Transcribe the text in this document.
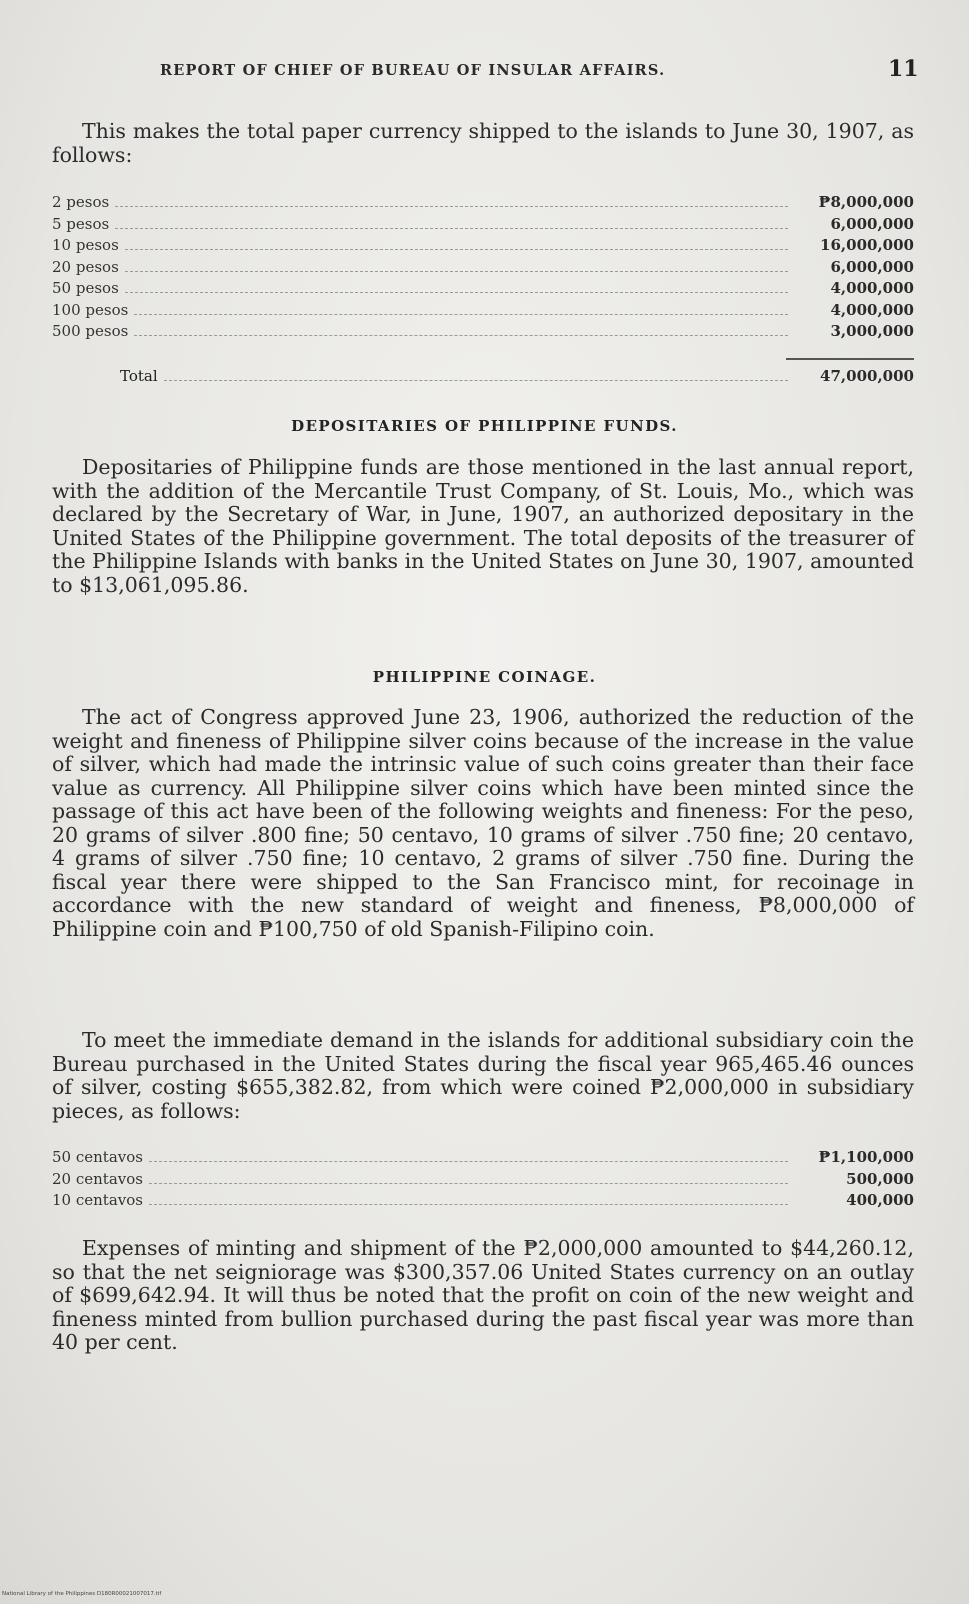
REPORT OF CHIEF OF BUREAU OF INSULAR AFFAIRS.	11
This makes the total paper currency shipped to the islands to June 30, 1907, as follows:
2 pesos	₱8,000,000
5 pesos	6,000,000
10 pesos	16,000,000
20 pesos	6,000,000
50 pesos	4,000,000
100 pesos	4,000,000
500 pesos	3,000,000
Total	47,000,000
DEPOSITARIES OF PHILIPPINE FUNDS.
Depositaries of Philippine funds are those mentioned in the last annual report, with the addition of the Mercantile Trust Company, of St. Louis, Mo., which was declared by the Secretary of War, in June, 1907, an authorized depositary in the United States of the Philippine government. The total deposits of the treasurer of the Philippine Islands with banks in the United States on June 30, 1907, amounted to $13,061,095.86.
PHILIPPINE COINAGE.
The act of Congress approved June 23, 1906, authorized the reduction of the weight and fineness of Philippine silver coins because of the increase in the value of silver, which had made the intrinsic value of such coins greater than their face value as currency. All Philippine silver coins which have been minted since the passage of this act have been of the following weights and fineness: For the peso, 20 grams of silver .800 fine; 50 centavo, 10 grams of silver .750 fine; 20 centavo, 4 grams of silver .750 fine; 10 centavo, 2 grams of silver .750 fine. During the fiscal year there were shipped to the San Francisco mint, for recoinage in accordance with the new standard of weight and fineness, ₱8,000,000 of Philippine coin and ₱100,750 of old Spanish-Filipino coin.
To meet the immediate demand in the islands for additional subsidiary coin the Bureau purchased in the United States during the fiscal year 965,465.46 ounces of silver, costing $655,382.82, from which were coined ₱2,000,000 in subsidiary pieces, as follows:
50 centavos	₱1,100,000
20 centavos	500,000
10 centavos	400,000
Expenses of minting and shipment of the ₱2,000,000 amounted to $44,260.12, so that the net seigniorage was $300,357.06 United States currency on an outlay of $699,642.94. It will thus be noted that the profit on coin of the new weight and fineness minted from bullion purchased during the past fiscal year was more than 40 per cent.
National Library of the Philippines D180R00021007017.tif
